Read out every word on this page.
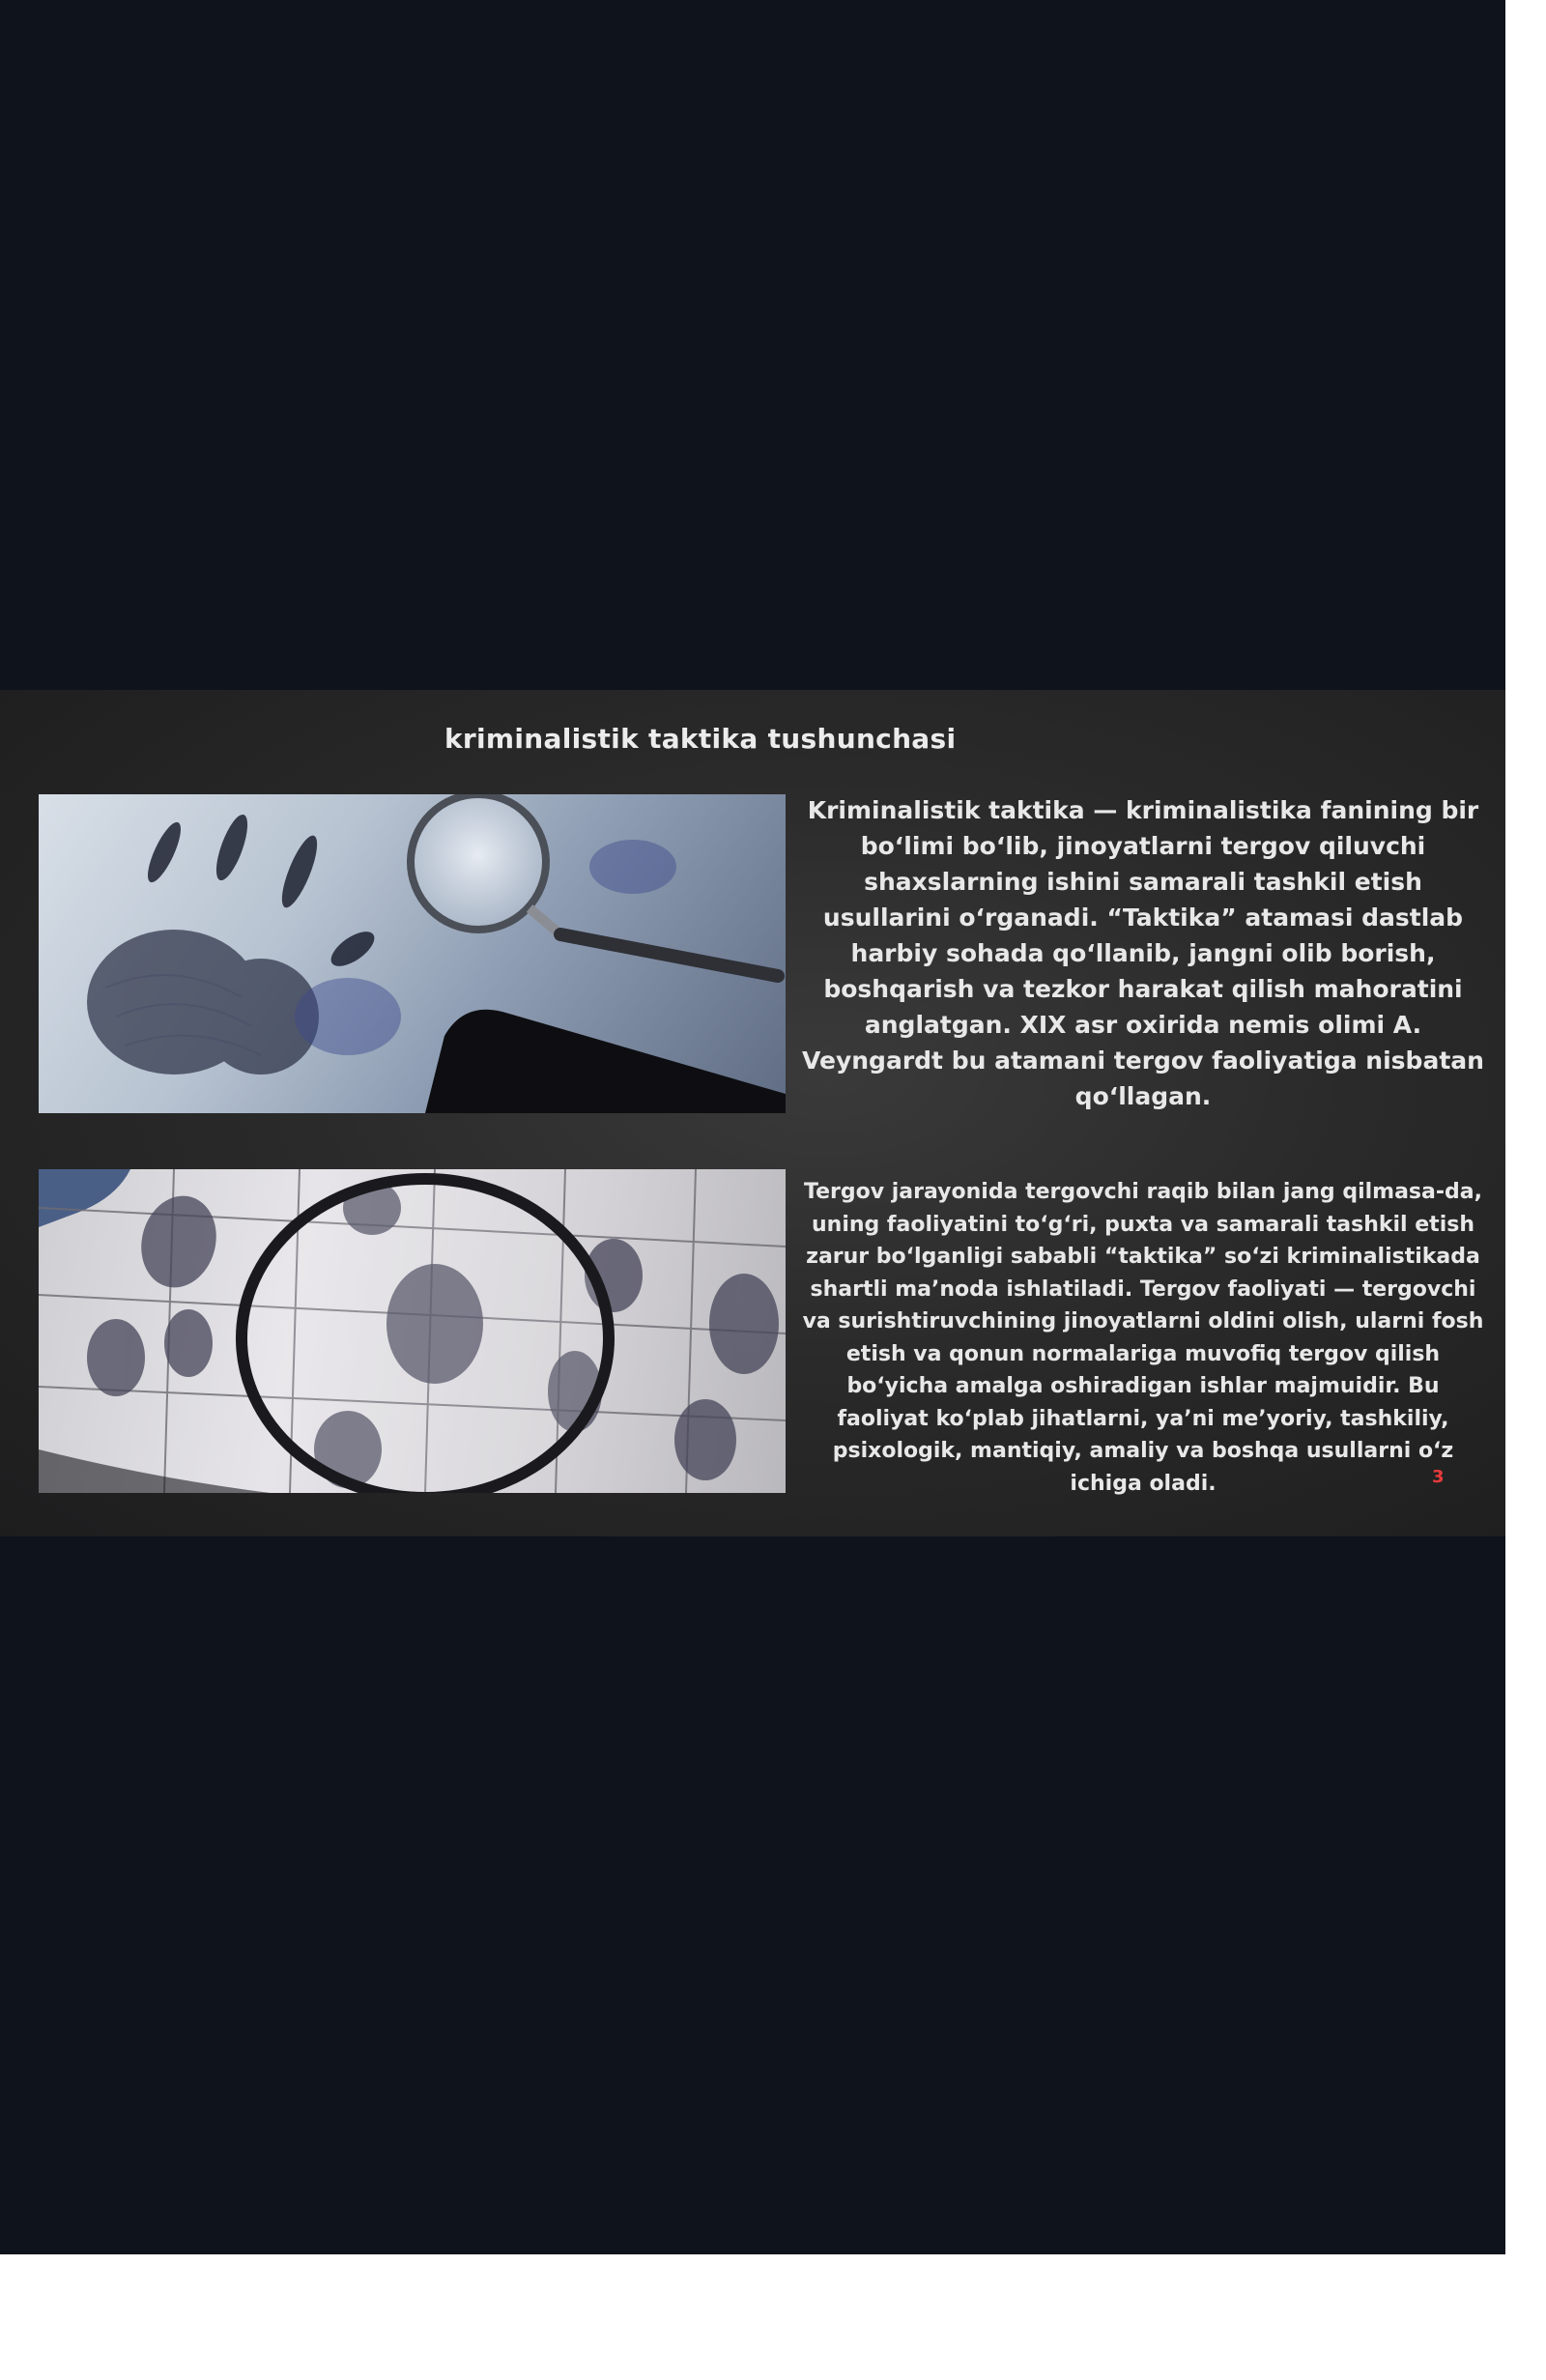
kriminalistik taktika tushunchasi
Kriminalistik taktika — kriminalistika fanining bir bo‘limi bo‘lib, jinoyatlarni tergov qiluvchi shaxslarning ishini samarali tashkil etish usullarini o‘rganadi. “Taktika” atamasi dastlab harbiy sohada qo‘llanib, jangni olib borish, boshqarish va tezkor harakat qilish mahoratini anglatgan. XIX asr oxirida nemis olimi A. Veyngardt bu atamani tergov faoliyatiga nisbatan qo‘llagan.
Tergov jarayonida tergovchi raqib bilan jang qilmasa-da, uning faoliyatini to‘g‘ri, puxta va samarali tashkil etish zarur bo‘lganligi sababli “taktika” so‘zi kriminalistikada shartli ma’noda ishlatiladi. Tergov faoliyati — tergovchi va surishtiruvchining jinoyatlarni oldini olish, ularni fosh etish va qonun normalariga muvofiq tergov qilish bo‘yicha amalga oshiradigan ishlar majmuidir. Bu faoliyat ko‘plab jihatlarni, ya’ni me’yoriy, tashkiliy, psixologik, mantiqiy, amaliy va boshqa usullarni o‘z ichiga oladi.	3
